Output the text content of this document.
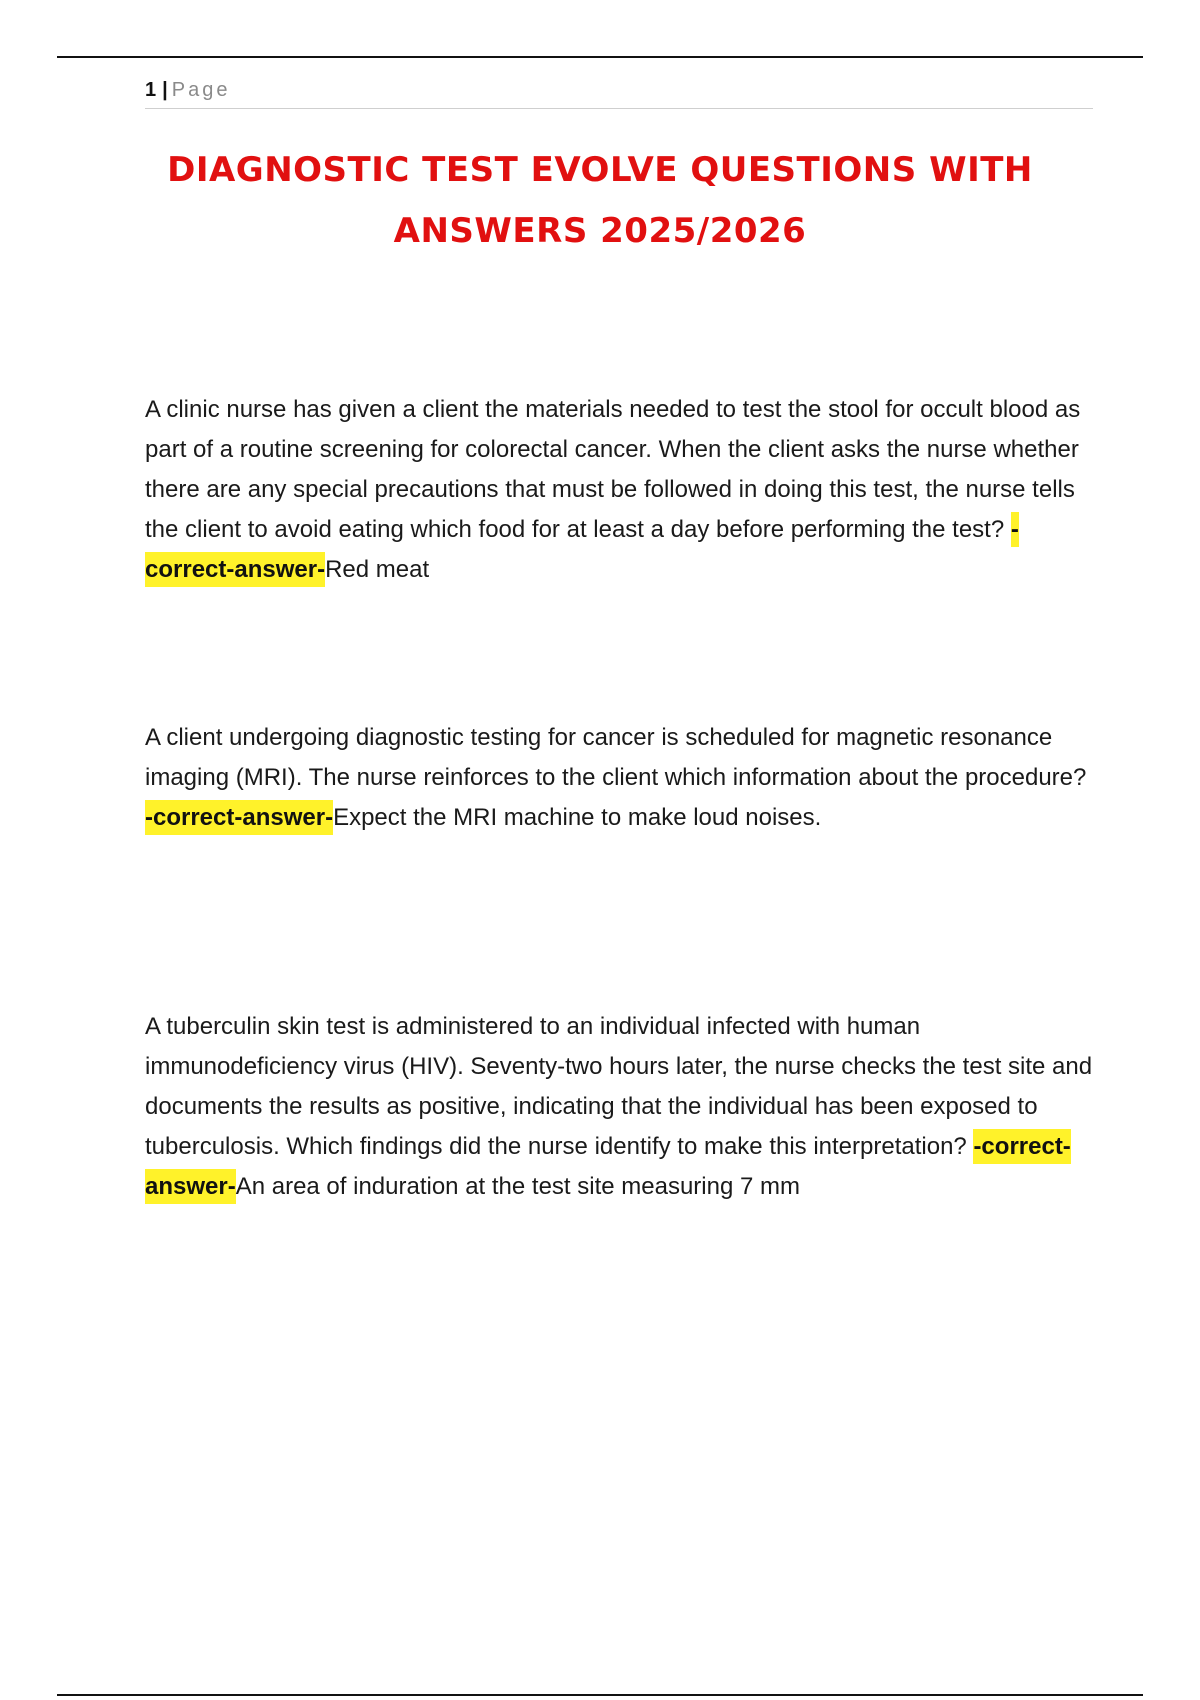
1 | Page
DIAGNOSTIC TEST EVOLVE QUESTIONS WITH
ANSWERS 2025/2026

A clinic nurse has given a client the materials needed to test the stool for occult blood as part of a routine screening for colorectal cancer. When the client asks the nurse whether there are any special precautions that must be followed in doing this test, the nurse tells the client to avoid eating which food for at least a day before performing the test? -correct-answer-Red meat

A client undergoing diagnostic testing for cancer is scheduled for magnetic resonance imaging (MRI). The nurse reinforces to the client which information about the procedure? -correct-answer-Expect the MRI machine to make loud noises.

A tuberculin skin test is administered to an individual infected with human immunodeficiency virus (HIV). Seventy-two hours later, the nurse checks the test site and documents the results as positive, indicating that the individual has been exposed to tuberculosis. Which findings did the nurse identify to make this interpretation? -correct-answer-An area of induration at the test site measuring 7 mm
